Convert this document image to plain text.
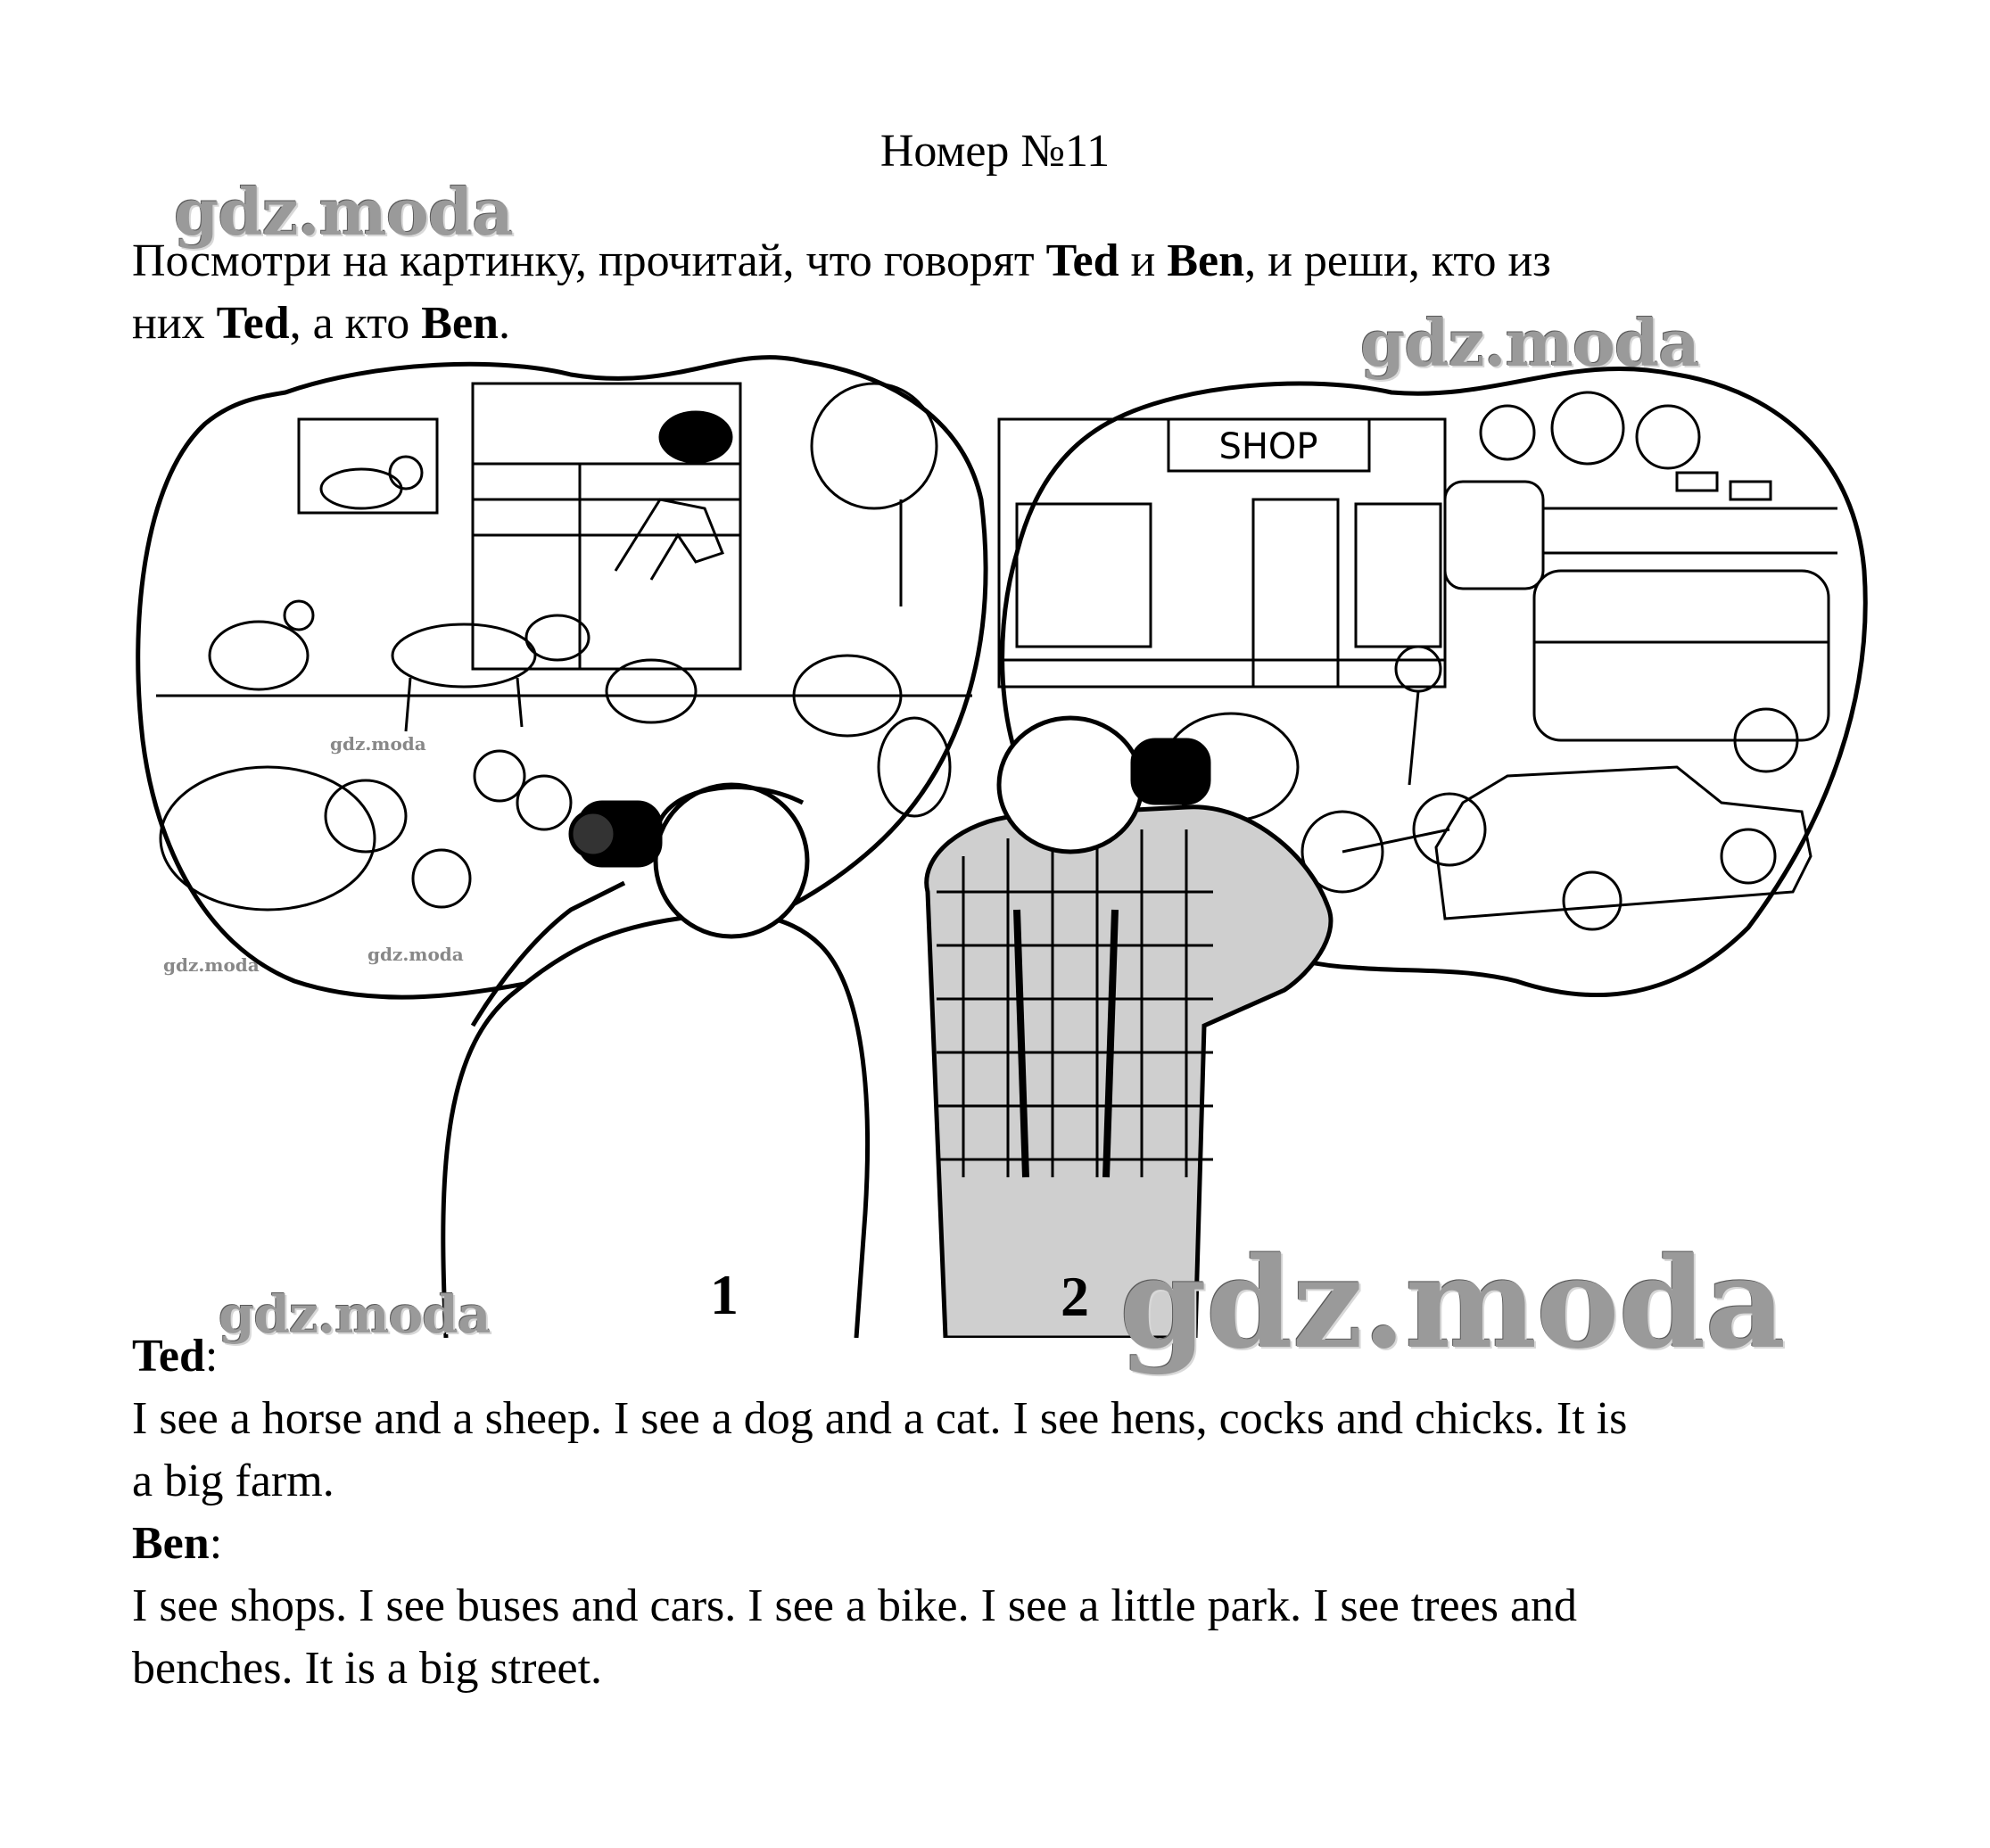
Номер №11
gdz.moda
Посмотри на картинку, прочитай, что говорят Ted и Ben, и реши, кто из
них Ted, а кто Ben.	gdz.moda
SHOP
1	2
gdz.moda
gdz.moda	gdz.moda
gdz.moda	gdz.moda
Ted:
I see a horse and a sheep. I see a dog and a cat. I see hens, cocks and chicks. It is
a big farm.
Ben:
I see shops. I see buses and cars. I see a bike. I see a little park. I see trees and
benches. It is a big street.
